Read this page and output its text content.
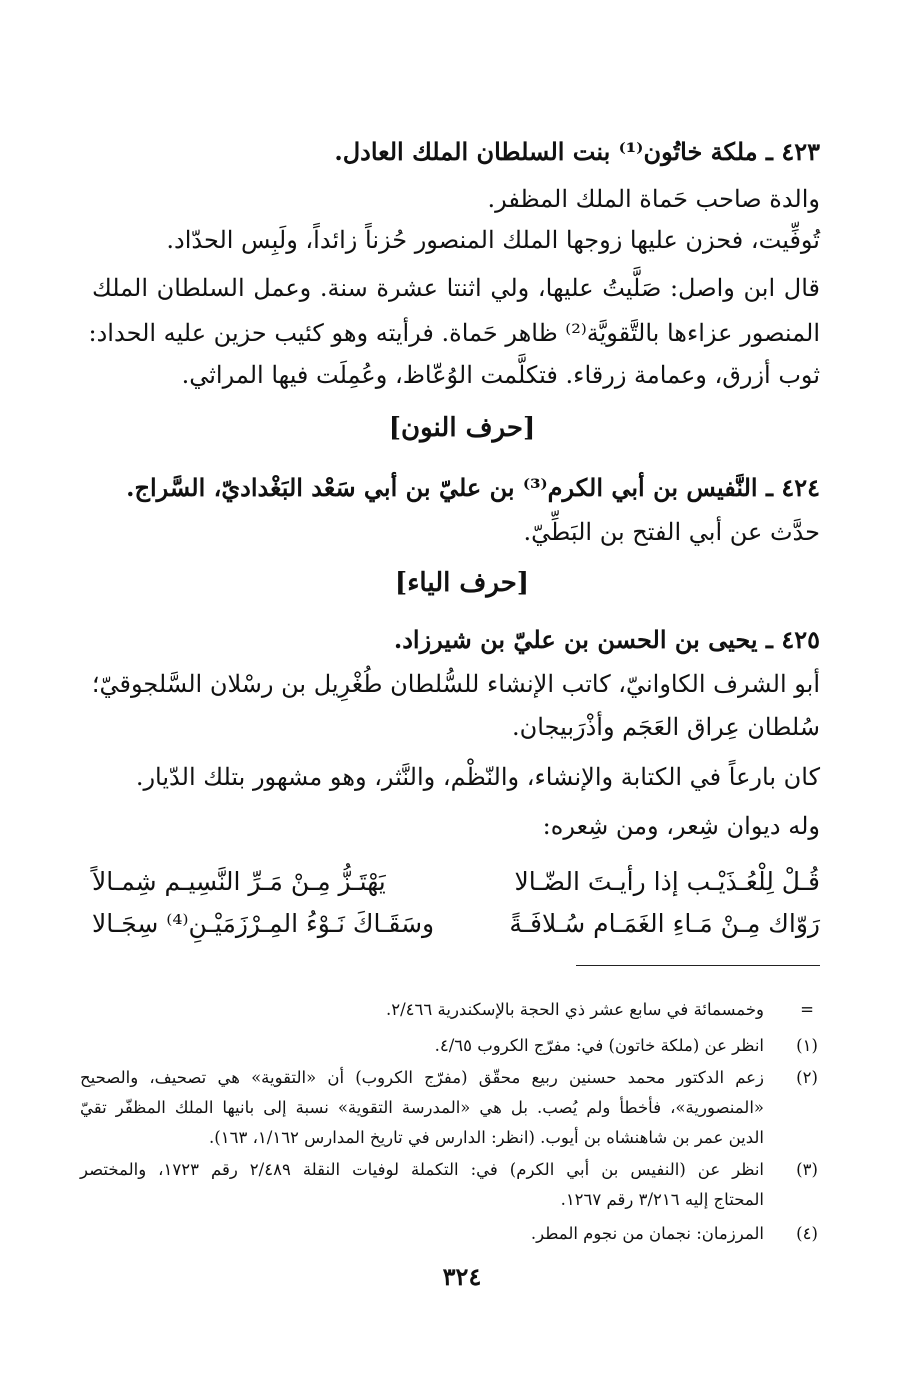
٤٢٣ ـ ملكة خاتُون⁽¹⁾ بنت السلطان الملك العادل.
والدة صاحب حَماة الملك المظفر.
تُوفِّيت، فحزن عليها زوجها الملك المنصور حُزناً زائداً، ولَبِس الحدّاد.
قال ابن واصل: صَلَّيتُ عليها، ولي اثنتا عشرة سنة. وعمل السلطان الملك
المنصور عزاءها بالتَّقويَّة⁽²⁾ ظاهر حَماة. فرأيته وهو كئيب حزين عليه الحداد:
ثوب أزرق، وعمامة زرقاء. فتكلَّمت الوُعّاظ، وعُمِلَت فيها المراثي.
[حرف النون]
٤٢٤ ـ النَّفيس بن أبي الكرم⁽³⁾ بن عليّ بن أبي سَعْد البَغْداديّ، السَّراج.
حدَّث عن أبي الفتح بن البَطِّيّ.
[حرف الياء]
٤٢٥ ـ يحيى بن الحسن بن عليّ بن شيرزاد.
أبو الشرف الكاوانيّ، كاتب الإنشاء للسُّلطان طُغْرِيل بن رسْلان السَّلجوقيّ؛
سُلطان عِراق العَجَم وأذْرَبيجان.
كان بارعاً في الكتابة والإنشاء، والنّظْم، والنَّثر، وهو مشهور بتلك الدّيار.
وله ديوان شِعر، ومن شِعره:
قُـلْ لِلْعُـذَيْـب إذا رأيـتَ الضّـالا
يَهْتَـزُّ مِـنْ مَـرِّ النَّسِيـم شِمـالاً
رَوّاك مِـنْ مَـاءِ الغَمَـام سُـلافَـةً
وسَقَـاكَ نَـوْءُ المِـرْزَمَيْـنِ⁽⁴⁾ سِجَـالا
=
وخمسمائة في سابع عشر ذي الحجة بالإسكندرية ٢/٤٦٦.
(١)
انظر عن (ملكة خاتون) في: مفرّج الكروب ٤/٦٥.
(٢)
زعم الدكتور محمد حسنين ربيع محقّق (مفرّج الكروب) أن «التقوية» هي تصحيف، والصحيح
«المنصورية»، فأخطأ ولم يُصب. بل هي «المدرسة التقوية» نسبة إلى بانيها الملك المظفّر تقيّ
الدين عمر بن شاهنشاه بن أيوب. (انظر: الدارس في تاريخ المدارس ١/١٦٢، ١٦٣).
(٣)
انظر عن (النفيس بن أبي الكرم) في: التكملة لوفيات النقلة ٢/٤٨٩ رقم ١٧٢٣، والمختصر
المحتاج إليه ٣/٢١٦ رقم ١٢٦٧.
(٤)
المرزمان: نجمان من نجوم المطر.
٣٢٤
